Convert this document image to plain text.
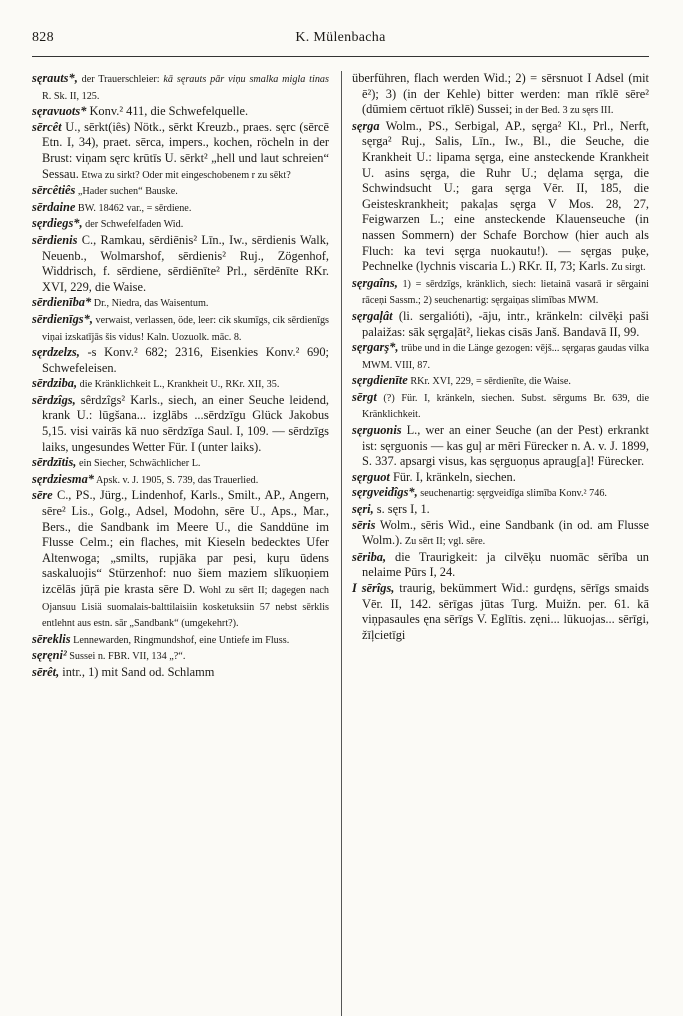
828	K. Mülenbacha

sęrauts*, der Trauerschleier: kā sęrauts pār viņu smalka migla tinas R. Sk. II, 125.

sęravuots* Konv.² 411, die Schwefelquelle.

sērcêt U., sērkt(iês) Nötk., sērkt Kreuzb., praes. sęrc (sērcē Etn. I, 34), praet. sērca, impers., kochen, röcheln in der Brust: viņam sęrc krūtīs U. sērkt² „hell und laut schreien“ Sessau. Etwa zu sirkt? Oder mit eingeschobenem r zu sēkt?

sērcêtiês „Hader suchen“ Bauske.

sērdaine BW. 18462 var., = sērdiene.

sęrdiegs*, der Schwefelfaden Wid.

sērdienis C., Ramkau, sērdiēnis² Līn., Iw., sērdienis Walk, Neuenb., Wolmarshof, sērdienis² Ruj., Zögenhof, Widdrisch, f. sērdiene, sērdiēnīte² Prl., sērdēnīte RKr. XVI, 229, die Waise.

sērdienība* Dr., Niedra, das Waisentum.

sērdienīgs*, verwaist, verlassen, öde, leer: cik skumīgs, cik sērdienīgs viņai izskatījās šis vidus! Kaln. Uozuolk. māc. 8.

sęrdzelzs, -s Konv.² 682; 2316, Eisenkies Konv.² 690; Schwefeleisen.

sērdziba, die Kränklichkeit L., Krankheit U., RKr. XII, 35.

sērdzîgs, sêrdzîgs² Karls., siech, an einer Seuche leidend, krank U.: lūgšana... izglābs ...sērdzīgu Glück Jakobus 5,15. visi vairās kā nuo sērdzīga Saul. I, 109. — sērdzīgs laiks, ungesundes Wetter Für. I (unter laiks).

sērdzītis, ein Siecher, Schwächlicher L.

sęrdziesma* Apsk. v. J. 1905, S. 739, das Trauerlied.

sēre C., PS., Jürg., Lindenhof, Karls., Smilt., AP., Angern, sēre² Lis., Golg., Adsel, Modohn, sēre U., Aps., Mar., Bers., die Sandbank im Meere U., die Sanddüne im Flusse Celm.; ein flaches, mit Kieseln bedecktes Ufer Altenwoga; „smilts, rupjāka par pesi, kuŗu ūdens saskaluojis“ Stürzenhof: nuo šiem maziem slīkuoņiem izcēlās jūŗā pie krasta sēre D. Wohl zu sērt II; dagegen nach Ojansuu Lisiä suomalais-balttilaisiin kosketuksiin 57 nebst sērklis entlehnt aus estn. sār „Sandbank“ (umgekehrt?).

sēreklis Lennewarden, Ringmundshof, eine Untiefe im Fluss.

sęręni² Sussei n. FBR. VII, 134 „?“.

sērêt, intr., 1) mit Sand od. Schlamm

überführen, flach werden Wid.; 2) = sērsnuot I Adsel (mit ē²); 3) (in der Kehle) bitter werden: man rīklē sēre² (dūmiem cērtuot rīklē) Sussei; in der Bed. 3 zu sęrs III.

sęrga Wolm., PS., Serbigal, AP., sęrga² Kl., Prl., Nerft, sęrga² Ruj., Salis, Līn., Iw., Bl., die Seuche, die Krankheit U.: lipama sęrga, eine ansteckende Krankheit U. asins sęrga, die Ruhr U.; dęlama sęrga, die Schwindsucht U.; gara sęrga Vēr. II, 185, die Geisteskrankheit; pakaļas sęrga V Mos. 28, 27, Feigwarzen L.; eine ansteckende Klauenseuche (in nassen Sommern) der Schafe Borchow (hier auch als Fluch: ka tevi sęrga nuokautu!). — sęrgas puķe, Pechnelke (lychnis viscaria L.) RKr. II, 73; Karls. Zu sirgt.

sęrgaîns, 1) = sērdzīgs, kränklich, siech: lietainā vasarā ir sērgaini rāceņi Sassm.; 2) seuchenartig: sęrgaiņas slimības MWM.

sęrgaļât (li. sergalióti), -āju, intr., kränkeln: cilvēķi paši palaižas: sāk sęrgaļāt², liekas cisās Janš. Bandavā II, 99.

sęrgarş*, trübe und in die Länge gezogen: vējš... sęrgaŗas gaudas vilka MWM. VIII, 87.

sęrgdienīte RKr. XVI, 229, = sērdienīte, die Waise.

sērgt (?) Für. I, kränkeln, siechen. Subst. sērgums Br. 639, die Kränklichkeit.

sęrguonis L., wer an einer Seuche (an der Pest) erkrankt ist: sęrguonis — kas guļ ar mēri Fürecker n. A. v. J. 1899, S. 337. apsargi visus, kas sęrguoņus apraug[a]! Fürecker.

sęrguot Für. I, kränkeln, siechen.

sęrgveidîgs*, seuchenartig: sęrgveidīga slimība Konv.² 746.

sęri, s. sęrs I, 1.

sēris Wolm., sēris Wid., eine Sandbank (in od. am Flusse Wolm.). Zu sērt II; vgl. sēre.

sēriba, die Traurigkeit: ja cilvēķu nuomāc sērība un nelaime Pūrs I, 24.

I sērîgs, traurig, bekümmert Wid.: gurdęns, sērīgs smaids Vēr. II, 142. sērīgas jūtas Turg. Muižn. per. 61. kā viņpasaules ęna sērīgs V. Eglītis. zęni... lūkuojas... sērīgi, žīļcietīgi
